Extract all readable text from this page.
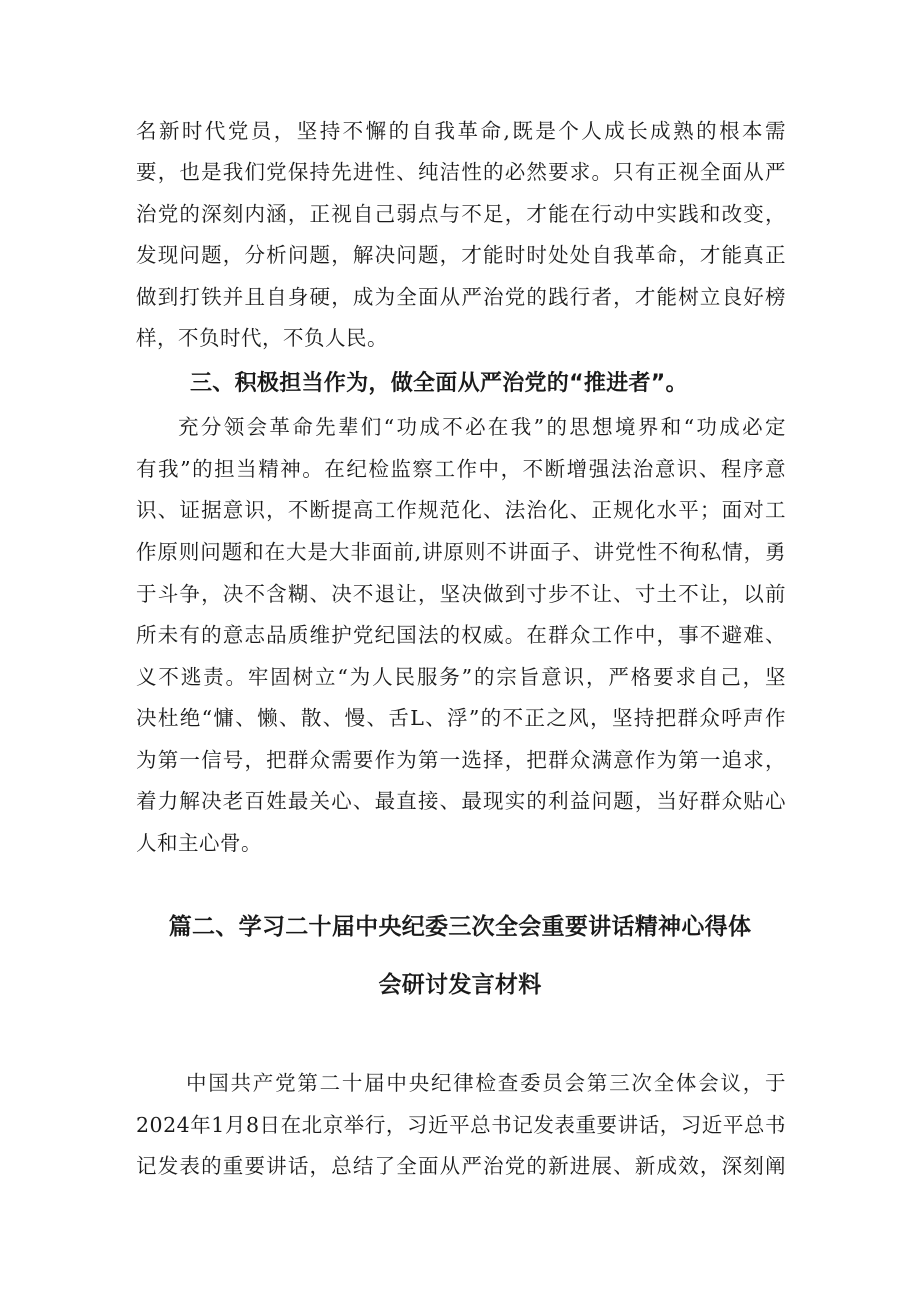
名新时代党员，坚持不懈的自我革命,既是个人成长成熟的根本需
要，也是我们党保持先进性、纯洁性的必然要求。只有正视全面从严
治党的深刻内涵，正视自己弱点与不足，才能在行动中实践和改变，
发现问题，分析问题，解决问题，才能时时处处自我革命，才能真正
做到打铁并且自身硬，成为全面从严治党的践行者，才能树立良好榜
样，不负时代，不负人民。
三、积极担当作为，做全面从严治党的“推进者”。
充分领会革命先辈们“功成不必在我”的思想境界和“功成必定
有我”的担当精神。在纪检监察工作中，不断增强法治意识、程序意
识、证据意识，不断提高工作规范化、法治化、正规化水平；面对工
作原则问题和在大是大非面前,讲原则不讲面子、讲党性不徇私情，勇
于斗争，决不含糊、决不退让，坚决做到寸步不让、寸土不让，以前
所未有的意志品质维护党纪国法的权威。在群众工作中，事不避难、
义不逃责。牢固树立“为人民服务”的宗旨意识，严格要求自己，坚
决杜绝“慵、懒、散、慢、舌L、浮”的不正之风，坚持把群众呼声作
为第一信号，把群众需要作为第一选择，把群众满意作为第一追求，
着力解决老百姓最关心、最直接、最现实的利益问题，当好群众贴心
人和主心骨。
篇二、学习二十届中央纪委三次全会重要讲话精神心得体
会研讨发言材料
中国共产党第二十届中央纪律检查委员会第三次全体会议，于
2024年1月8日在北京举行，习近平总书记发表重要讲话，习近平总书
记发表的重要讲话，总结了全面从严治党的新进展、新成效，深刻阐
